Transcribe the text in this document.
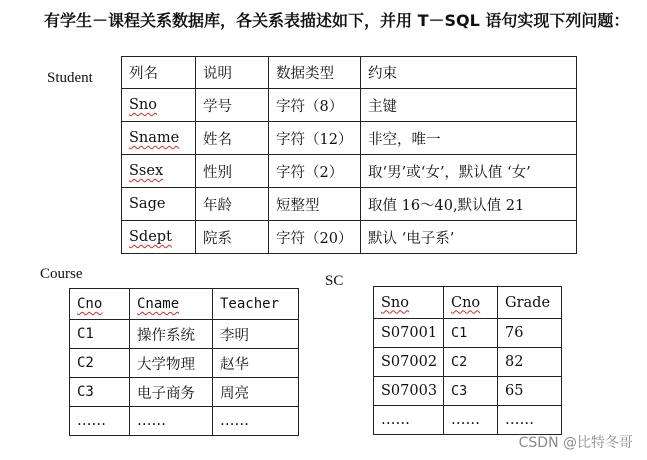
有学生－课程关系数据库，各关系表描述如下，并用 T－SQL 语句实现下列问题：
Student 列名	说明	数据类型	约束
Sno	学号	字符（8）	主键
Sname	姓名	字符（12）	非空，唯一
Ssex	性别	字符（2）	取‘男’或‘女’，默认值 ‘女’
Sage	年龄	短整型	取值 16～40,默认值 21
Sdept	院系	字符（20）	默认 ‘电子系’
Course
Cno	Cname	Teacher
C1	操作系统	李明
C2	大学物理	赵华
C3	电子商务	周亮
……	……	……
SC
Sno	Cno	Grade
S07001	C1	76
S07002	C2	82
S07003	C3	65
……	……	……
CSDN @比特冬哥
